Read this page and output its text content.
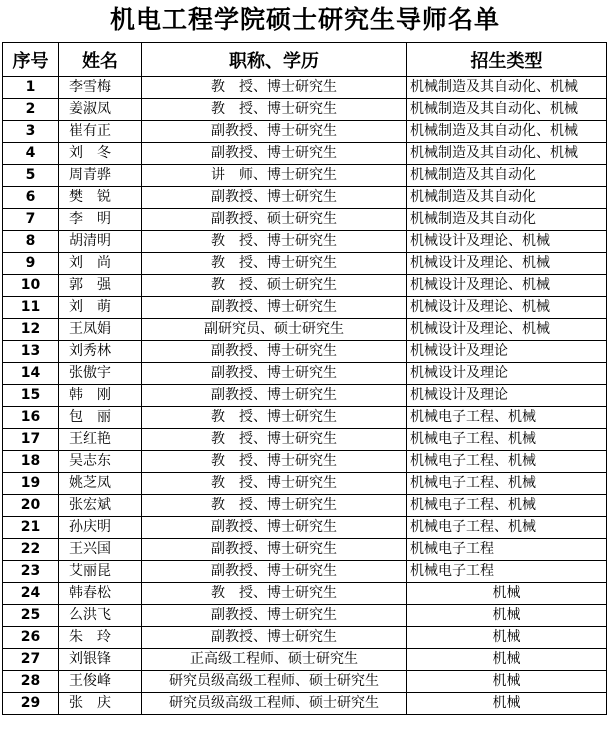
机电工程学院硕士研究生导师名单
序号	姓名	职称、学历	招生类型
1	李雪梅	教　授、博士研究生	机械制造及其自动化、机械
2	姜淑凤	教　授、博士研究生	机械制造及其自动化、机械
3	崔有正	副教授、博士研究生	机械制造及其自动化、机械
4	刘　冬	副教授、博士研究生	机械制造及其自动化、机械
5	周青骅	讲　师、博士研究生	机械制造及其自动化
6	樊　锐	副教授、博士研究生	机械制造及其自动化
7	李　明	副教授、硕士研究生	机械制造及其自动化
8	胡清明	教　授、博士研究生	机械设计及理论、机械
9	刘　尚	教　授、博士研究生	机械设计及理论、机械
10	郭　强	教　授、硕士研究生	机械设计及理论、机械
11	刘　萌	副教授、博士研究生	机械设计及理论、机械
12	王凤娟	副研究员、硕士研究生	机械设计及理论、机械
13	刘秀林	副教授、博士研究生	机械设计及理论
14	张傲宇	副教授、博士研究生	机械设计及理论
15	韩　刚	副教授、博士研究生	机械设计及理论
16	包　丽	教　授、博士研究生	机械电子工程、机械
17	王红艳	教　授、博士研究生	机械电子工程、机械
18	吴志东	教　授、博士研究生	机械电子工程、机械
19	姚芝凤	教　授、博士研究生	机械电子工程、机械
20	张宏斌	教　授、博士研究生	机械电子工程、机械
21	孙庆明	副教授、博士研究生	机械电子工程、机械
22	王兴国	副教授、博士研究生	机械电子工程
23	艾丽昆	副教授、博士研究生	机械电子工程
24	韩春松	教　授、博士研究生	机械
25	么洪飞	副教授、博士研究生	机械
26	朱　玲	副教授、博士研究生	机械
27	刘银锋	正高级工程师、硕士研究生	机械
28	王俊峰	研究员级高级工程师、硕士研究生	机械
29	张　庆	研究员级高级工程师、硕士研究生	机械
